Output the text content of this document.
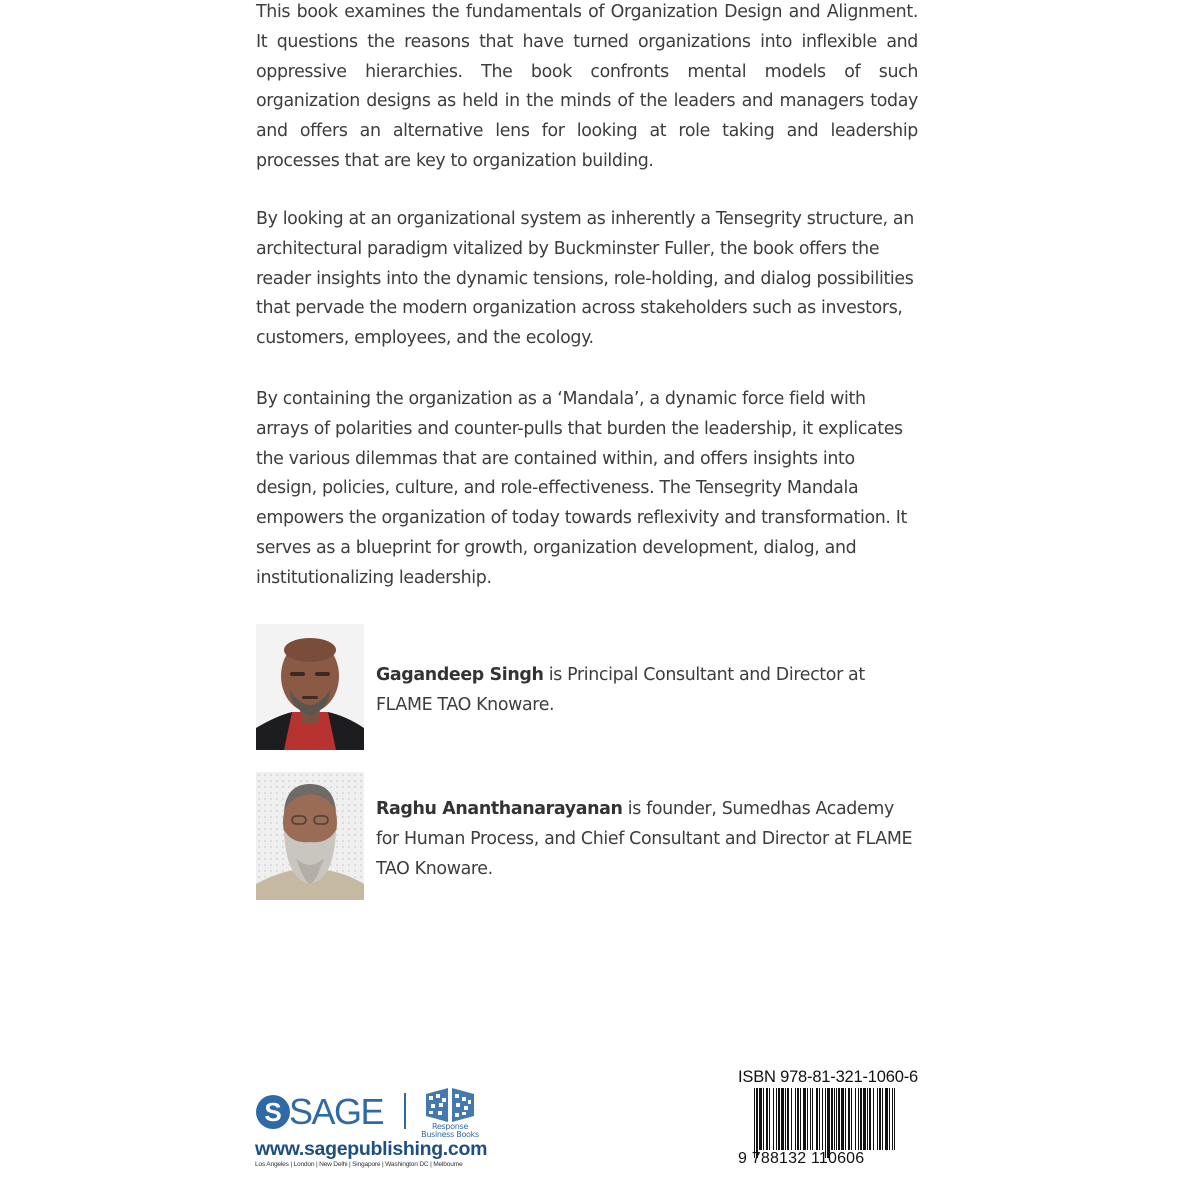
This book examines the fundamentals of Organization Design and Alignment. It questions the reasons that have turned organizations into inflexible and oppressive hierarchies. The book confronts mental models of such organization designs as held in the minds of the leaders and managers today and offers an alternative lens for looking at role taking and leadership processes that are key to organization building.

By looking at an organizational system as inherently a Tensegrity structure, an architectural paradigm vitalized by Buckminster Fuller, the book offers the reader insights into the dynamic tensions, role-holding, and dialog possibilities that pervade the modern organization across stakeholders such as investors, customers, employees, and the ecology.

By containing the organization as a ‘Mandala’, a dynamic force field with arrays of polarities and counter-pulls that burden the leadership, it explicates the various dilemmas that are contained within, and offers insights into design, policies, culture, and role-effectiveness. The Tensegrity Mandala empowers the organization of today towards reflexivity and transformation. It serves as a blueprint for growth, organization development, dialog, and institutionalizing leadership.

Gagandeep Singh is Principal Consultant and Director at FLAME TAO Knoware.

Raghu Ananthanarayanan is founder, Sumedhas Academy for Human Process, and Chief Consultant and Director at FLAME TAO Knoware.

S SAGE	Response
Business Books
www.sagepublishing.com
Los Angeles | London | New Delhi | Singapore | Washington DC | Melbourne
ISBN 978-81-321-1060-6
9 788132 110606
